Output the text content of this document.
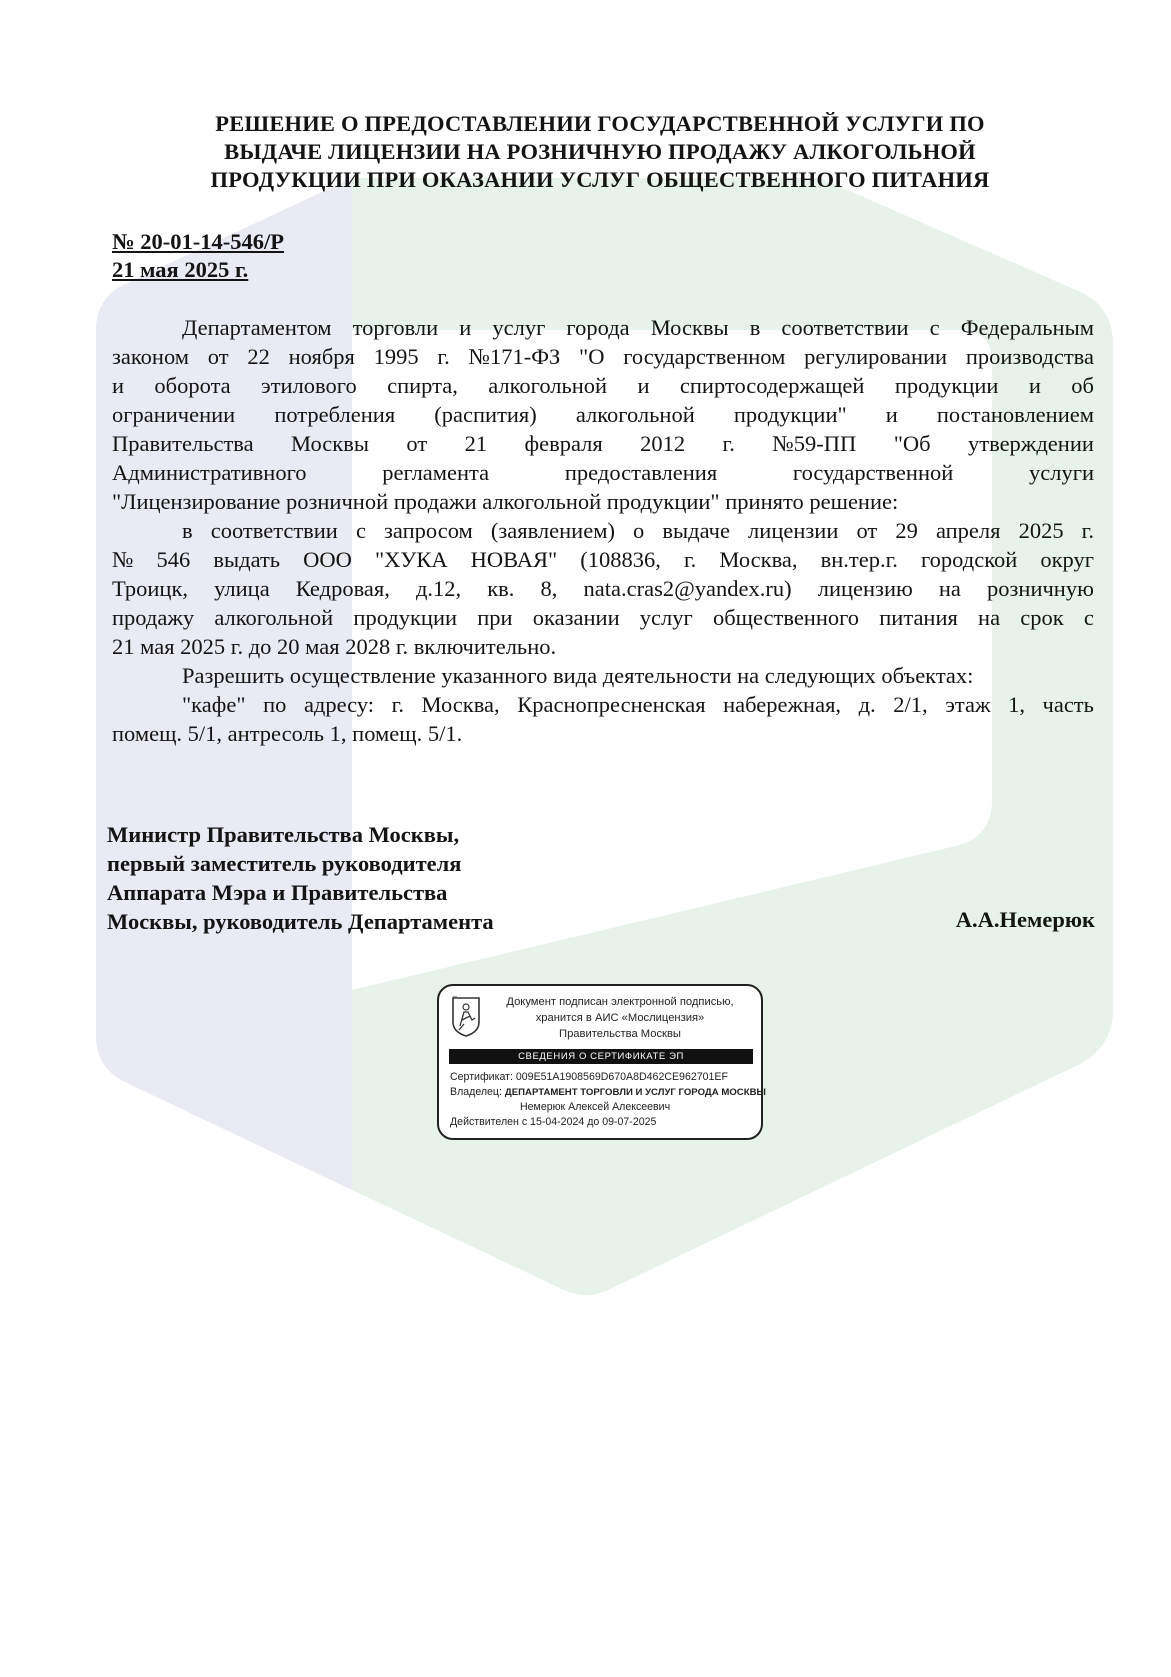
РЕШЕНИЕ О ПРЕДОСТАВЛЕНИИ ГОСУДАРСТВЕННОЙ УСЛУГИ ПО
ВЫДАЧЕ ЛИЦЕНЗИИ НА РОЗНИЧНУЮ ПРОДАЖУ АЛКОГОЛЬНОЙ
ПРОДУКЦИИ ПРИ ОКАЗАНИИ УСЛУГ ОБЩЕСТВЕННОГО ПИТАНИЯ
№ 20-01-14-546/Р
21 мая 2025 г.
Департаментом торговли и услуг города Москвы в соответствии с Федеральным
законом от 22 ноября 1995 г. №171-ФЗ "О государственном регулировании производства
и оборота этилового спирта, алкогольной и спиртосодержащей продукции и об
ограничении потребления (распития) алкогольной продукции" и постановлением
Правительства Москвы от 21 февраля 2012 г. №59-ПП "Об утверждении
Административного	регламента	предоставления	государственной	услуги
"Лицензирование розничной продажи алкогольной продукции" принято решение:
в соответствии с запросом (заявлением) о выдаче лицензии от 29 апреля 2025 г.
№ 546 выдать ООО "ХУКА НОВАЯ" (108836, г. Москва, вн.тер.г. городской округ
Троицк, улица Кедровая, д.12, кв. 8, nata.cras2@yandex.ru) лицензию на розничную
продажу алкогольной продукции при оказании услуг общественного питания на срок с
21 мая 2025 г. до 20 мая 2028 г. включительно.
Разрешить осуществление указанного вида деятельности на следующих объектах:
"кафе" по адресу: г. Москва, Краснопресненская набережная, д. 2/1, этаж 1, часть
помещ. 5/1, антресоль 1, помещ. 5/1.
Министр Правительства Москвы,
первый заместитель руководителя
Аппарата Мэра и Правительства
Москвы, руководитель Департамента	А.А.Немерюк
Документ подписан электронной подписью,
хранится в АИС «Мослицензия»
Правительства Москвы
СВЕДЕНИЯ О СЕРТИФИКАТЕ ЭП
Сертификат: 009E51A1908569D670A8D462CE962701EF
Владелец: ДЕПАРТАМЕНТ ТОРГОВЛИ И УСЛУГ ГОРОДА МОСКВЫ
Немерюк Алексей Алексеевич
Действителен с 15-04-2024 до 09-07-2025
